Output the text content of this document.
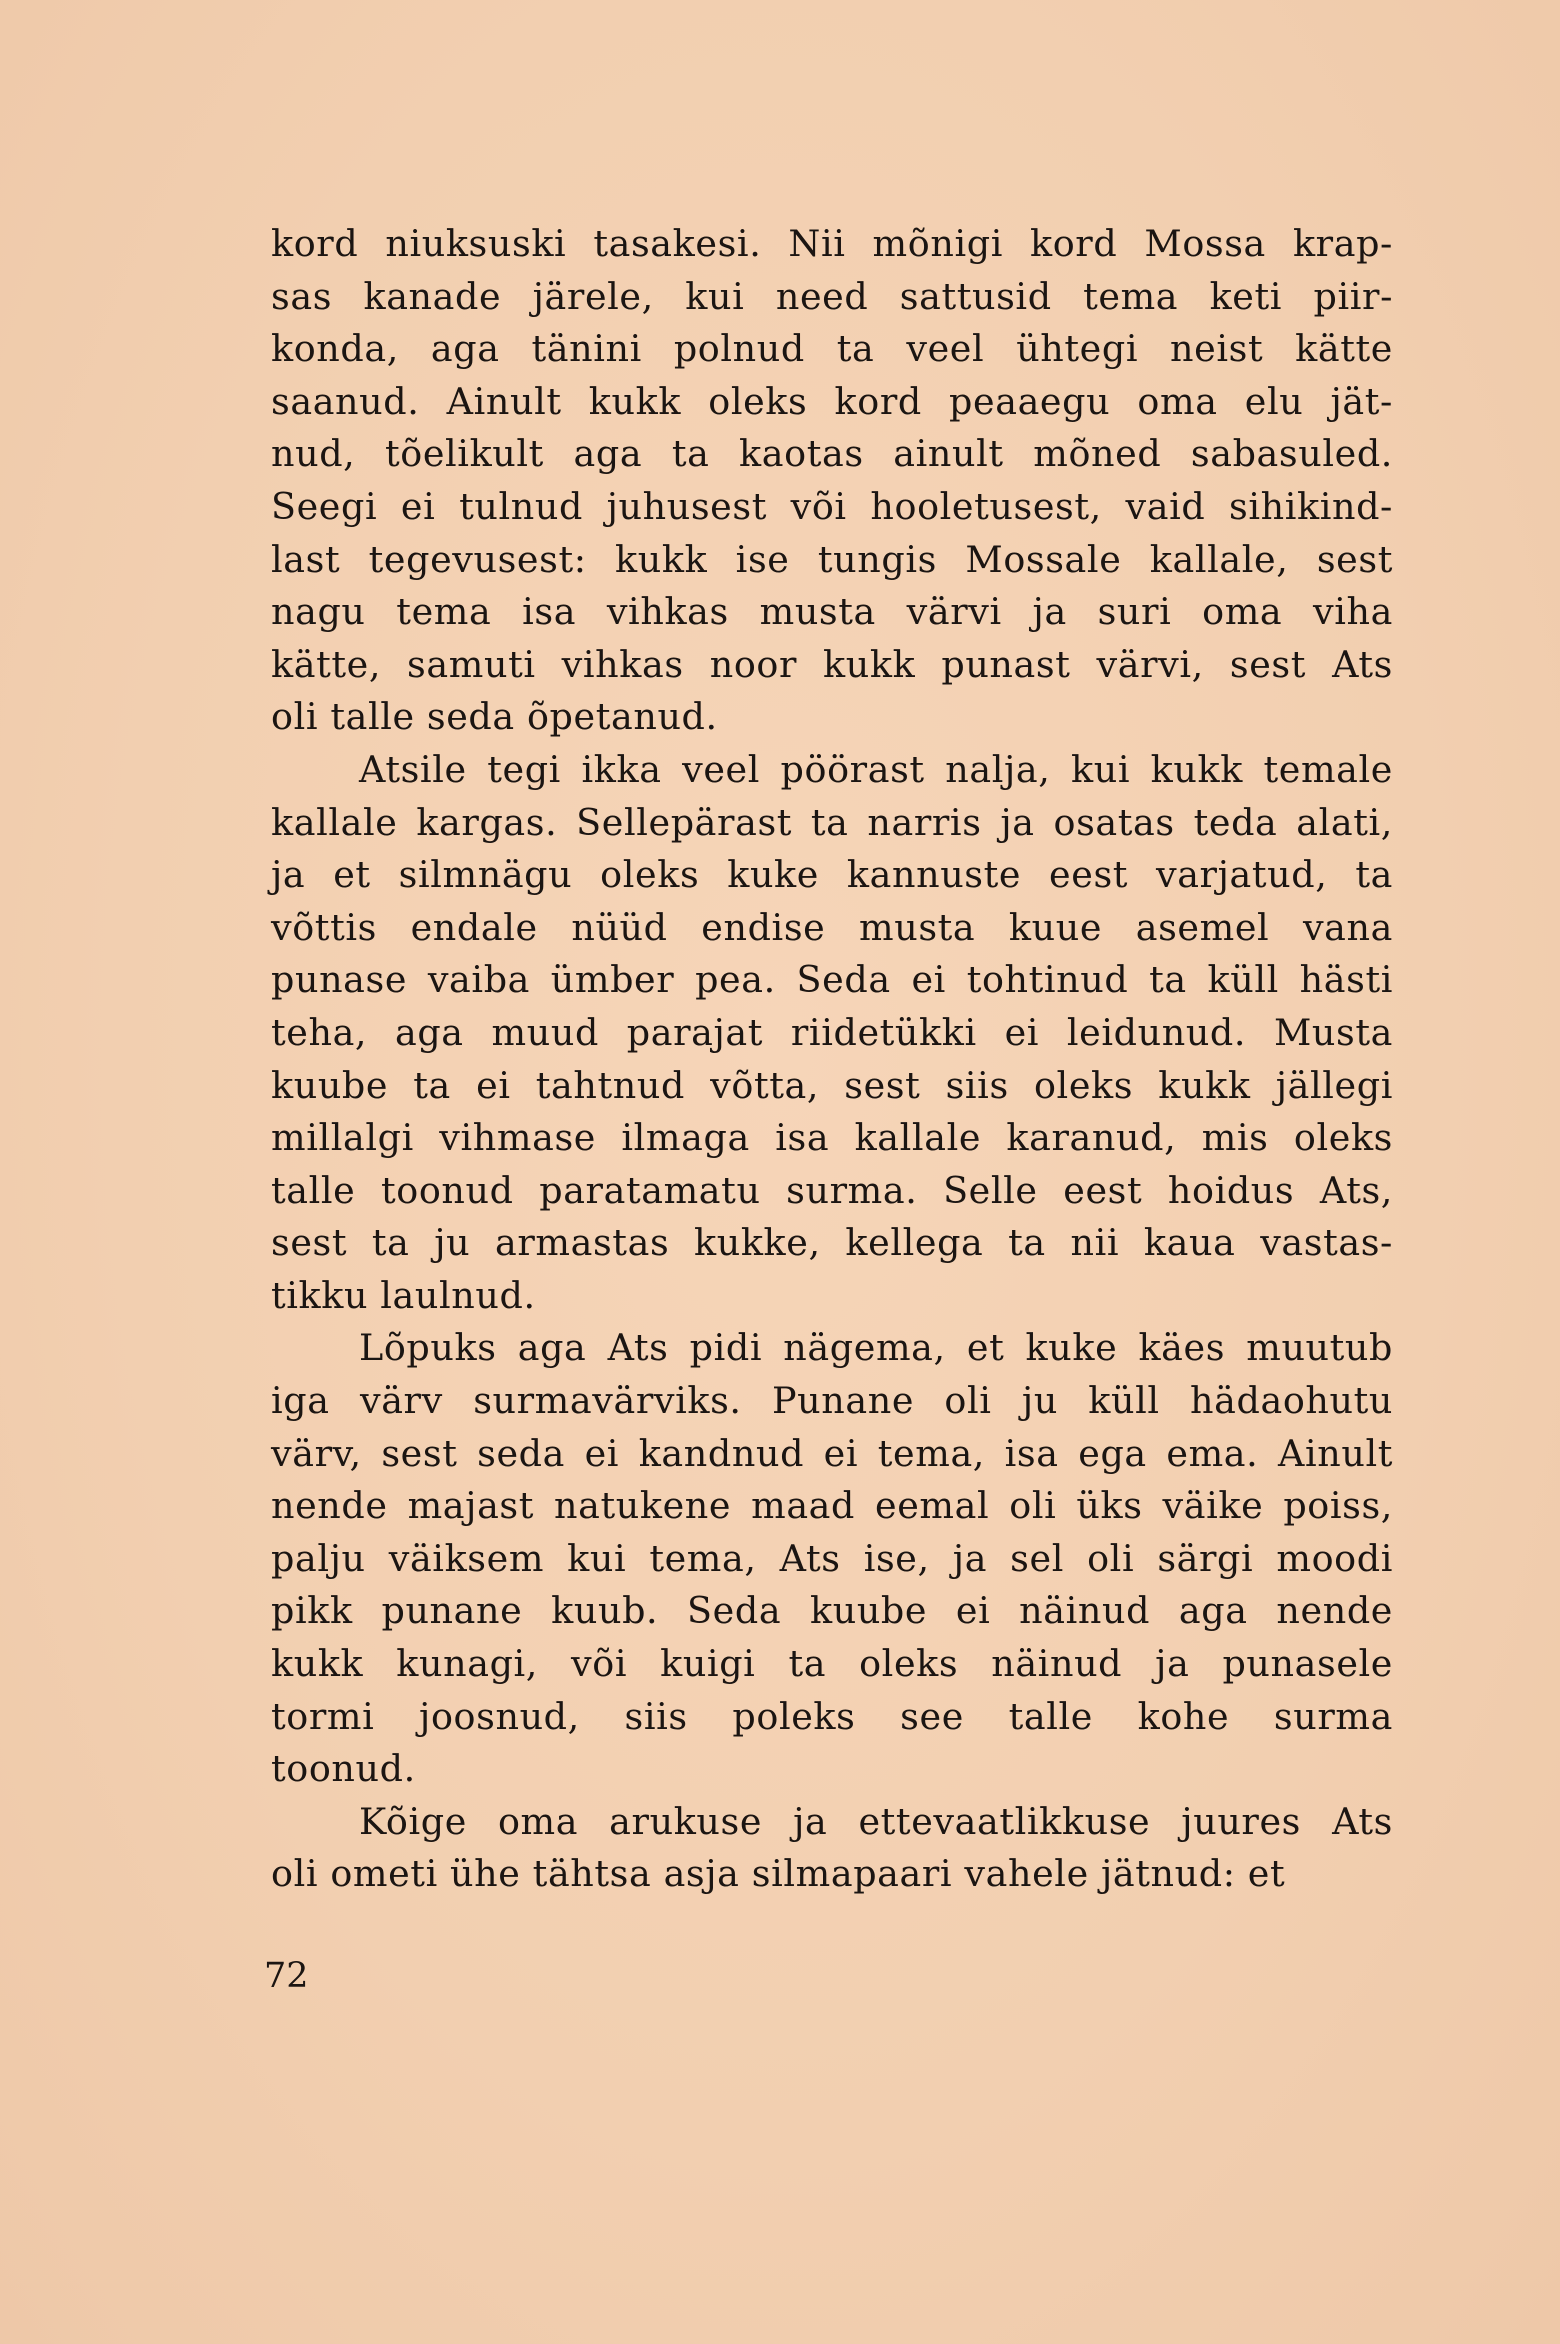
kord niuksuski tasakesi. Nii mõnigi kord Mossa krap-
sas kanade järele, kui need sattusid tema keti piir-
konda, aga tänini polnud ta veel ühtegi neist kätte
saanud. Ainult kukk oleks kord peaaegu oma elu jät-
nud, tõelikult aga ta kaotas ainult mõned sabasuled.
Seegi ei tulnud juhusest või hooletusest, vaid sihikind-
last tegevusest: kukk ise tungis Mossale kallale, sest
nagu tema isa vihkas musta värvi ja suri oma viha
kätte, samuti vihkas noor kukk punast värvi, sest Ats
oli talle seda õpetanud.
Atsile tegi ikka veel pöörast nalja, kui kukk temale
kallale kargas. Sellepärast ta narris ja osatas teda alati,
ja et silmnägu oleks kuke kannuste eest varjatud, ta
võttis endale nüüd endise musta kuue asemel vana
punase vaiba ümber pea. Seda ei tohtinud ta küll hästi
teha, aga muud parajat riidetükki ei leidunud. Musta
kuube ta ei tahtnud võtta, sest siis oleks kukk jällegi
millalgi vihmase ilmaga isa kallale karanud, mis oleks
talle toonud paratamatu surma. Selle eest hoidus Ats,
sest ta ju armastas kukke, kellega ta nii kaua vastas-
tikku laulnud.
Lõpuks aga Ats pidi nägema, et kuke käes muutub
iga värv surmavärviks. Punane oli ju küll hädaohutu
värv, sest seda ei kandnud ei tema, isa ega ema. Ainult
nende majast natukene maad eemal oli üks väike poiss,
palju väiksem kui tema, Ats ise, ja sel oli särgi moodi
pikk punane kuub. Seda kuube ei näinud aga nende
kukk kunagi, või kuigi ta oleks näinud ja punasele
tormi joosnud, siis poleks see talle kohe surma
toonud.
Kõige oma arukuse ja ettevaatlikkuse juures Ats
oli ometi ühe tähtsa asja silmapaari vahele jätnud: et
72
